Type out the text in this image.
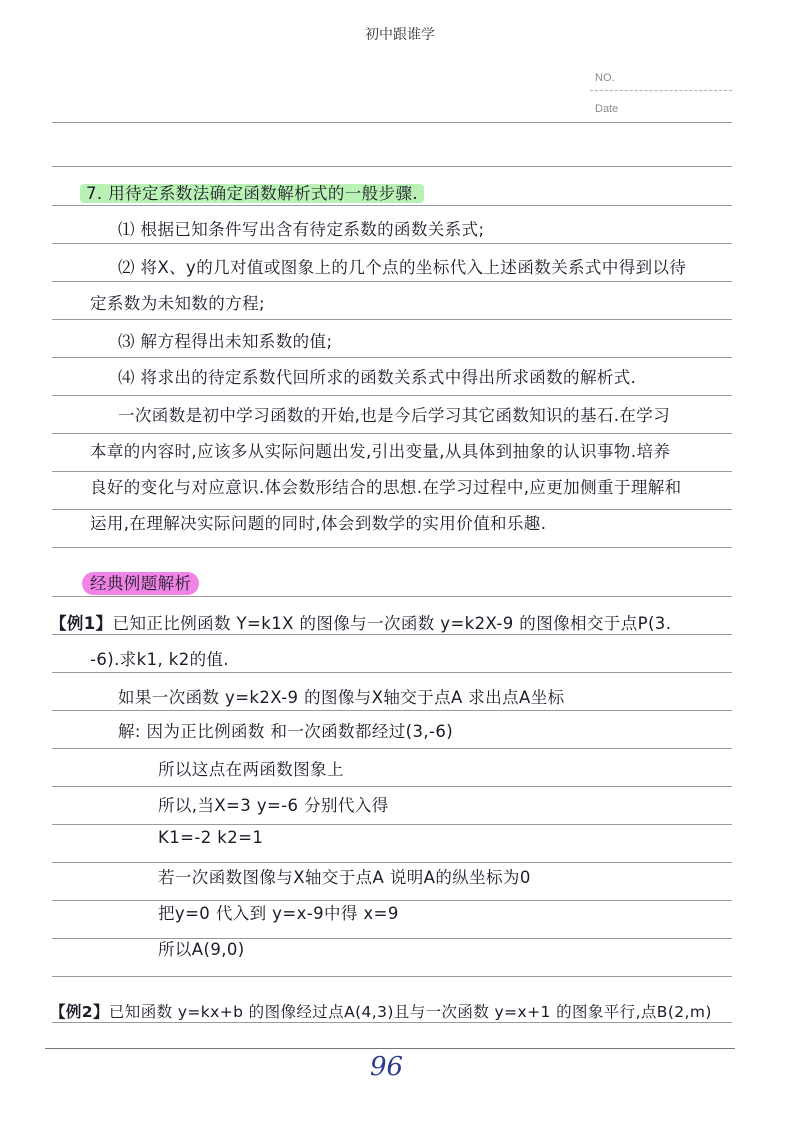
初中跟谁学
NO.
Date
7. 用待定系数法确定函数解析式的一般步骤.
⑴ 根据已知条件写出含有待定系数的函数关系式;
⑵ 将X、y的几对值或图象上的几个点的坐标代入上述函数关系式中得到以待
定系数为未知数的方程;
⑶ 解方程得出未知系数的值;
⑷ 将求出的待定系数代回所求的函数关系式中得出所求函数的解析式.
一次函数是初中学习函数的开始,也是今后学习其它函数知识的基石.在学习
本章的内容时,应该多从实际问题出发,引出变量,从具体到抽象的认识事物.培养
良好的变化与对应意识.体会数形结合的思想.在学习过程中,应更加侧重于理解和
运用,在理解决实际问题的同时,体会到数学的实用价值和乐趣.
经典例题解析
【例1】已知正比例函数 Y=k1X 的图像与一次函数 y=k2X-9 的图像相交于点P(3.
-6).求k1, k2的值.
如果一次函数 y=k2X-9 的图像与X轴交于点A 求出点A坐标
解: 因为正比例函数 和一次函数都经过(3,-6)
所以这点在两函数图象上
所以,当X=3 y=-6 分别代入得
K1=-2 k2=1
若一次函数图像与X轴交于点A 说明A的纵坐标为0
把y=0 代入到 y=x-9中得 x=9
所以A(9,0)
【例2】已知函数 y=kx+b 的图像经过点A(4,3)且与一次函数 y=x+1 的图象平行,点B(2,m)
96
